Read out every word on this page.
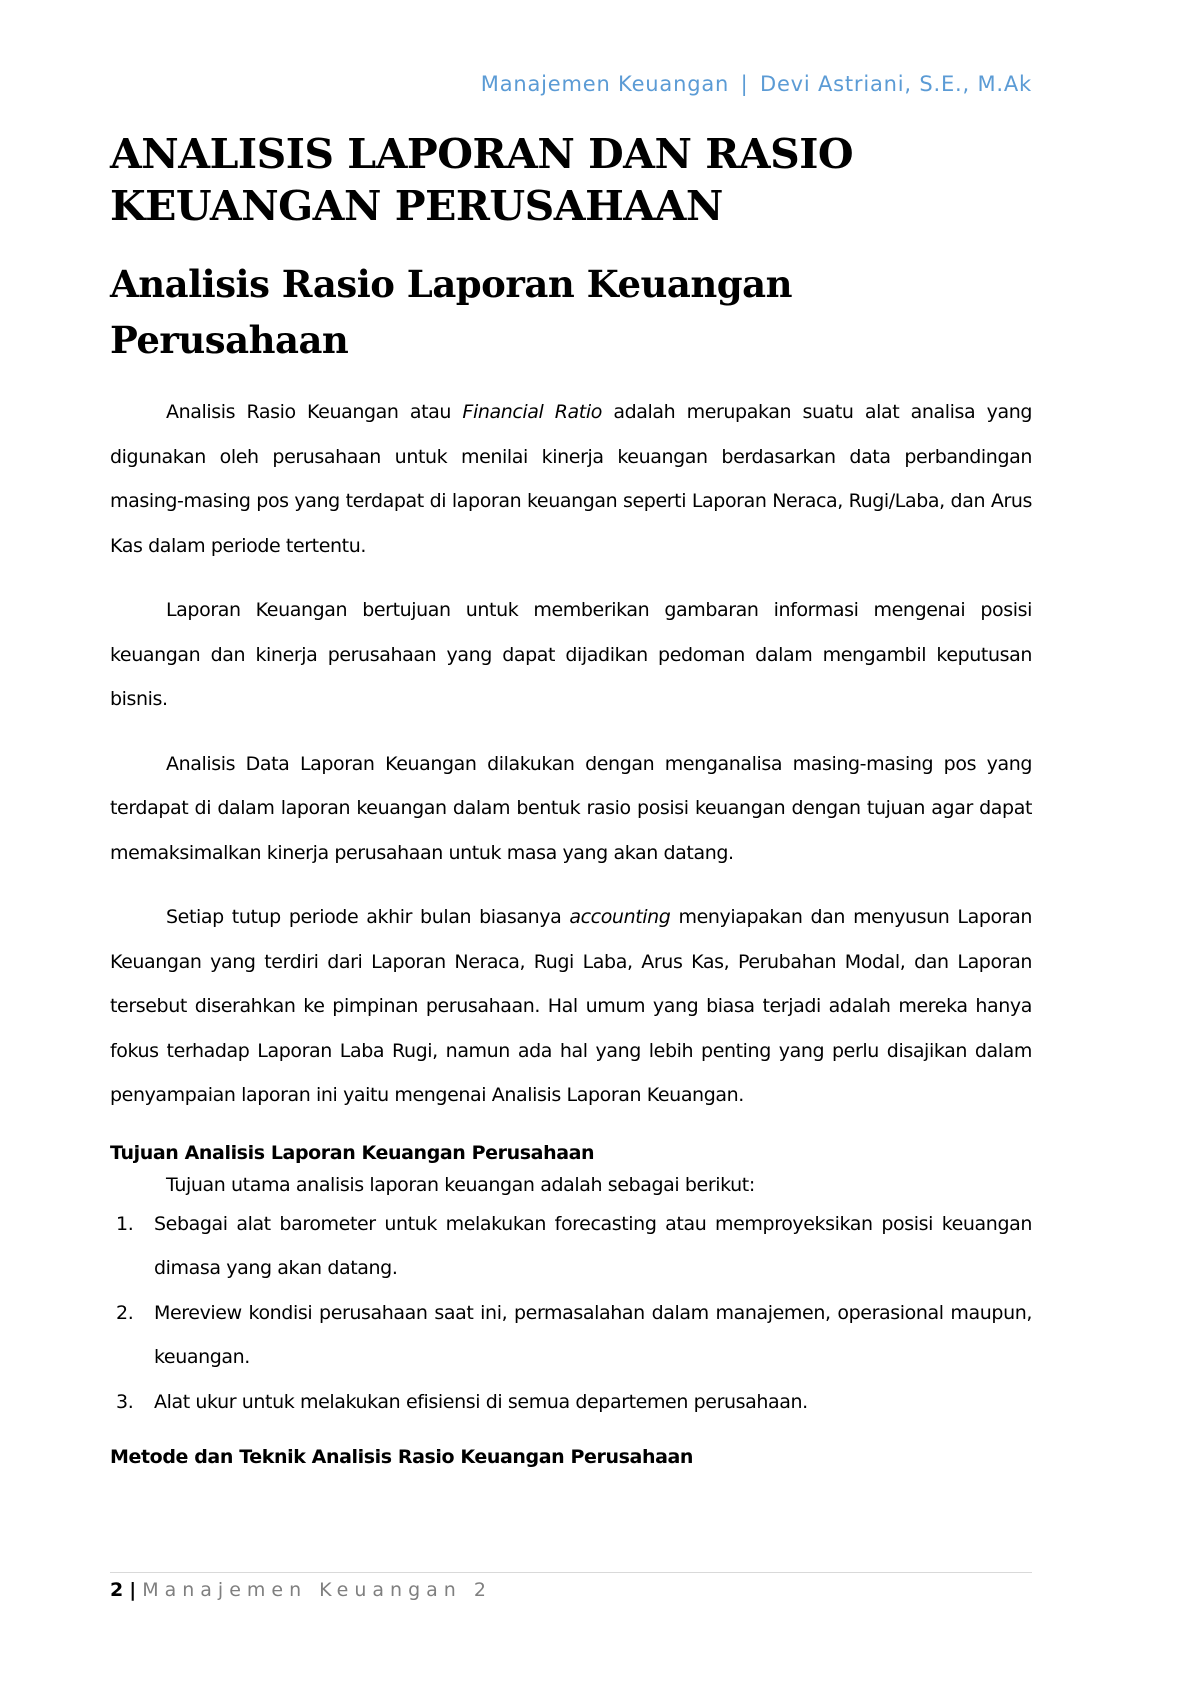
Manajemen Keuangan | Devi Astriani, S.E., M.Ak
ANALISIS LAPORAN DAN RASIO
KEUANGAN PERUSAHAAN
Analisis Rasio Laporan Keuangan
Perusahaan

Analisis Rasio Keuangan atau Financial Ratio adalah merupakan suatu alat analisa yang digunakan oleh perusahaan untuk menilai kinerja keuangan berdasarkan data perbandingan masing-masing pos yang terdapat di laporan keuangan seperti Laporan Neraca, Rugi/Laba, dan Arus Kas dalam periode tertentu.

Laporan Keuangan bertujuan untuk memberikan gambaran informasi mengenai posisi keuangan dan kinerja perusahaan yang dapat dijadikan pedoman dalam mengambil keputusan bisnis.

Analisis Data Laporan Keuangan dilakukan dengan menganalisa masing-masing pos yang terdapat di dalam laporan keuangan dalam bentuk rasio posisi keuangan dengan tujuan agar dapat memaksimalkan kinerja perusahaan untuk masa yang akan datang.

Setiap tutup periode akhir bulan biasanya accounting menyiapakan dan menyusun Laporan Keuangan yang terdiri dari Laporan Neraca, Rugi Laba, Arus Kas, Perubahan Modal, dan Laporan tersebut diserahkan ke pimpinan perusahaan. Hal umum yang biasa terjadi adalah mereka hanya fokus terhadap Laporan Laba Rugi, namun ada hal yang lebih penting yang perlu disajikan dalam penyampaian laporan ini yaitu mengenai Analisis Laporan Keuangan.

Tujuan Analisis Laporan Keuangan Perusahaan

Tujuan utama analisis laporan keuangan adalah sebagai berikut:

1. Sebagai alat barometer untuk melakukan forecasting atau memproyeksikan posisi keuangan dimasa yang akan datang.
2. Mereview kondisi perusahaan saat ini, permasalahan dalam manajemen, operasional maupun, keuangan.
3. Alat ukur untuk melakukan efisiensi di semua departemen perusahaan.
Metode dan Teknik Analisis Rasio Keuangan Perusahaan
2 | Manajemen Keuangan 2
